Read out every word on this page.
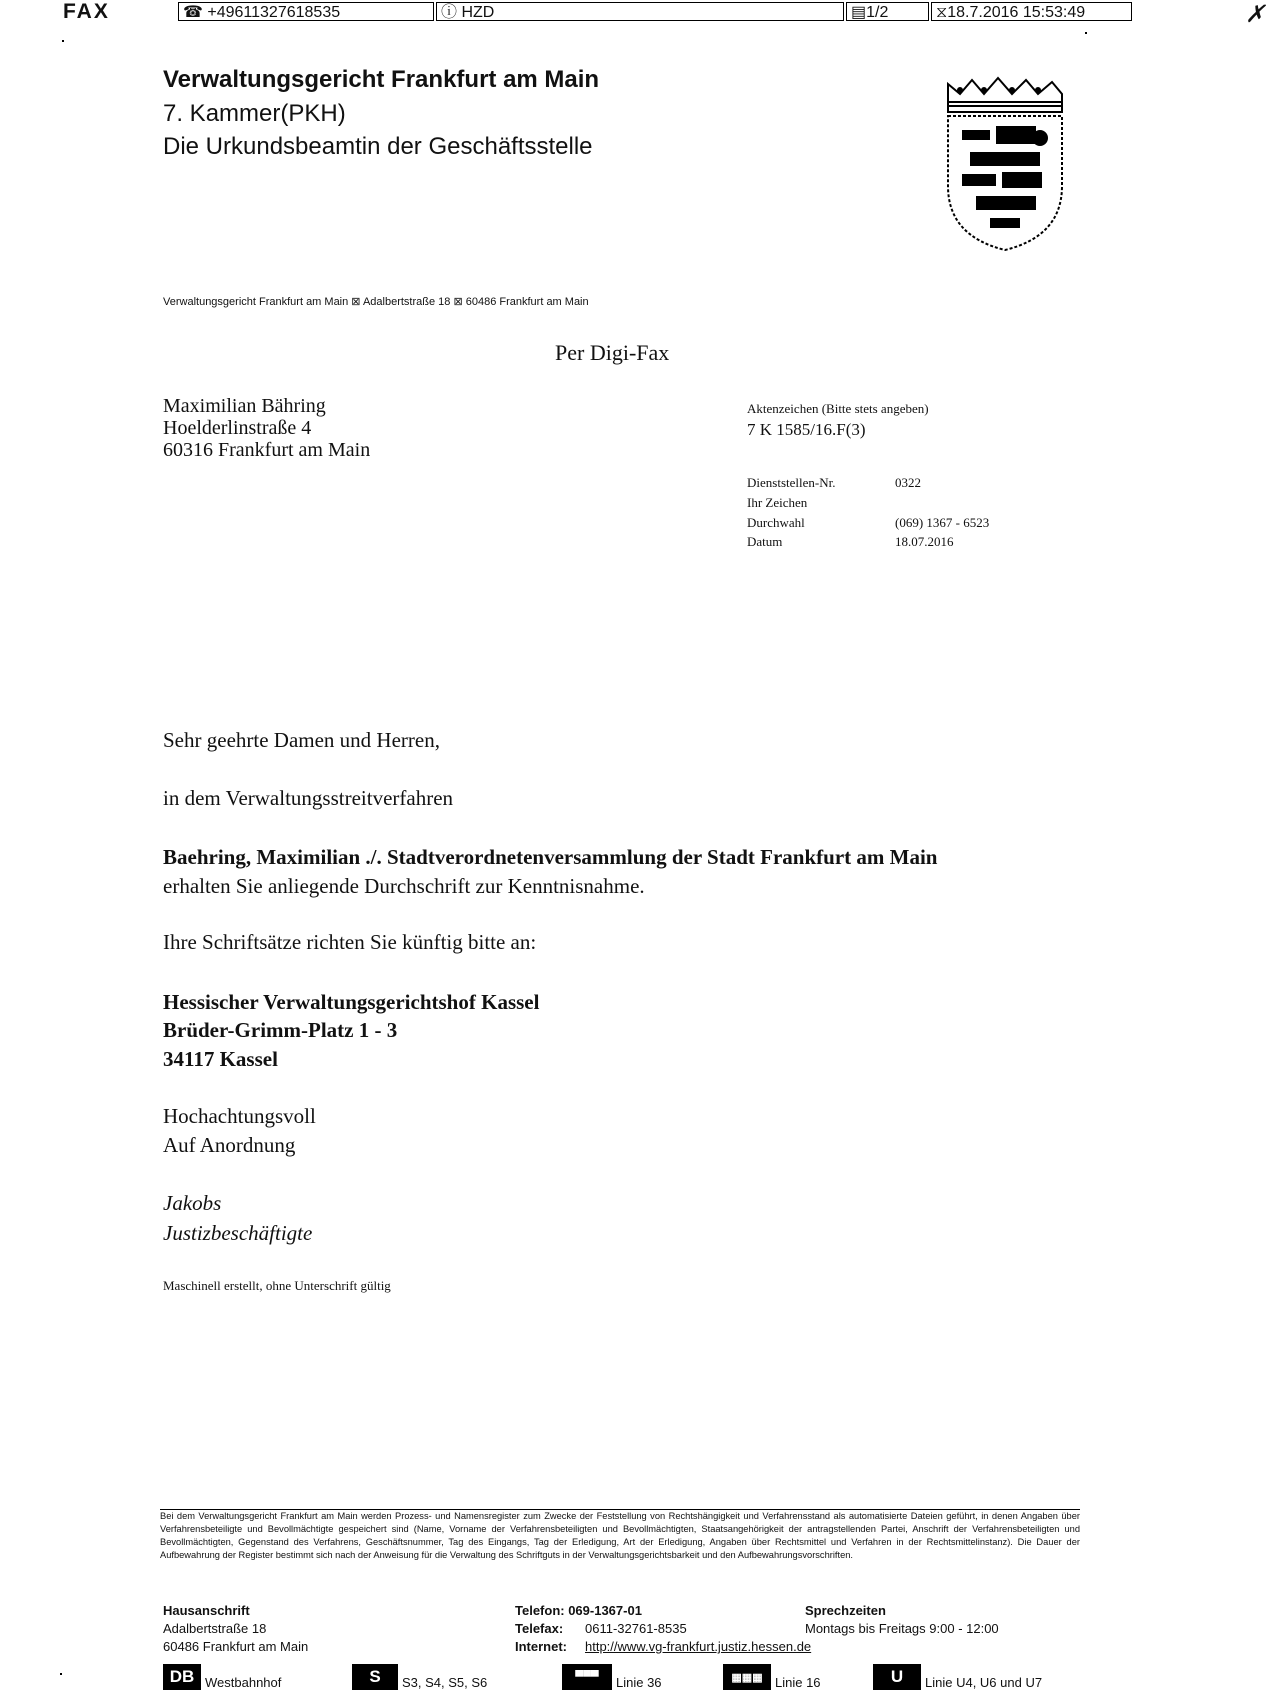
FAX	☎ +49611327618535	ⓘ HZD	▤1/2	⧖18.7.2016 15:53:49	✗
Verwaltungsgericht Frankfurt am Main
7. Kammer(PKH)
Die Urkundsbeamtin der Geschäftsstelle
Verwaltungsgericht Frankfurt am Main ⊠ Adalbertstraße 18 ⊠ 60486 Frankfurt am Main
Per Digi-Fax
Maximilian Bähring
Hoelderlinstraße 4
60316 Frankfurt am Main
Aktenzeichen (Bitte stets angeben)
7 K 1585/16.F(3)
Dienststellen-Nr.	0322
Ihr Zeichen
Durchwahl	(069) 1367 - 6523
Datum	18.07.2016
Sehr geehrte Damen und Herren,
in dem Verwaltungsstreitverfahren
Baehring, Maximilian ./. Stadtverordnetenversammlung der Stadt Frankfurt am Main
erhalten Sie anliegende Durchschrift zur Kenntnisnahme.
Ihre Schriftsätze richten Sie künftig bitte an:
Hessischer Verwaltungsgerichtshof Kassel
Brüder-Grimm-Platz 1 - 3
34117 Kassel
Hochachtungsvoll
Auf Anordnung
Jakobs
Justizbeschäftigte
Maschinell erstellt, ohne Unterschrift gültig
Bei dem Verwaltungsgericht Frankfurt am Main werden Prozess- und Namensregister zum Zwecke der Feststellung von Rechtshängigkeit und Verfahrensstand als automatisierte Dateien geführt, in denen Angaben über Verfahrensbeteiligte und Bevollmächtigte gespeichert sind (Name, Vorname der Verfahrensbeteiligten und Bevollmächtigten, Staatsangehörigkeit der antragstellenden Partei, Anschrift der Verfahrensbeteiligten und Bevollmächtigten, Gegenstand des Verfahrens, Geschäftsnummer, Tag des Eingangs, Tag der Erledigung, Art der Erledigung, Angaben über Rechtsmittel und Verfahren in der Rechtsmittelinstanz). Die Dauer der Aufbewahrung der Register bestimmt sich nach der Anweisung für die Verwaltung des Schriftguts in der Verwaltungsgerichtsbarkeit und den Aufbewahrungsvorschriften.
Hausanschrift
Adalbertstraße 18
60486 Frankfurt am Main
Telefon: 069-1367-01
Telefax: 0611-32761-8535
Internet: http://www.vg-frankfurt.justiz.hessen.de
Sprechzeiten
Montags bis Freitags 9:00 - 12:00
DB Westbahnhof	S	S3, S4, S5, S6	▀▀▀	Linie 36	▦▦▦ Linie 16	U	Linie U4, U6 und U7
